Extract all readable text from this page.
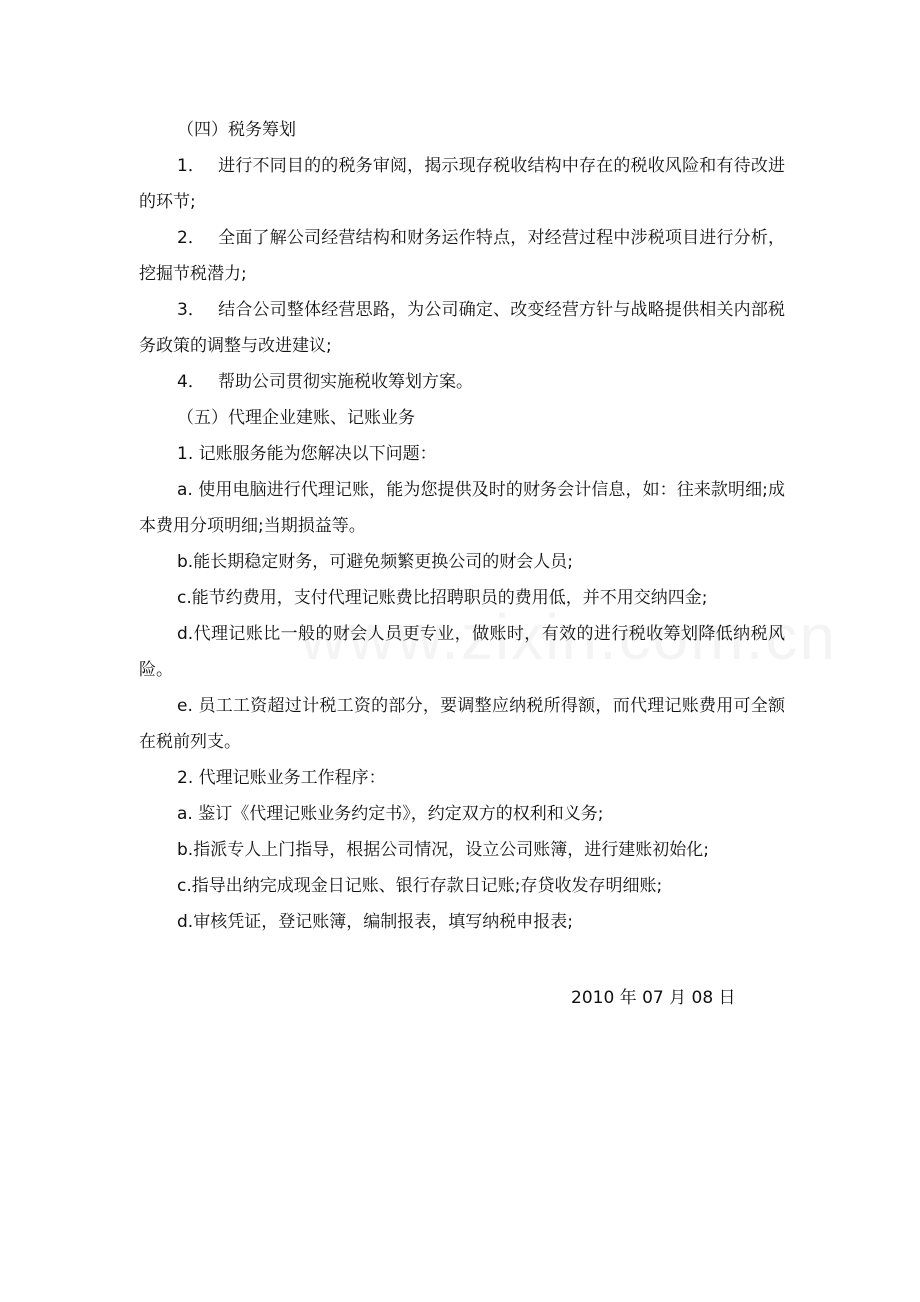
（四）税务筹划

1． 进行不同目的的税务审阅，揭示现存税收结构中存在的税收风险和有待改进的环节;

2． 全面了解公司经营结构和财务运作特点，对经营过程中涉税项目进行分析，挖掘节税潜力;

3． 结合公司整体经营思路，为公司确定、改变经营方针与战略提供相关内部税务政策的调整与改进建议;

4． 帮助公司贯彻实施税收筹划方案。

（五）代理企业建账、记账业务

1. 记账服务能为您解决以下问题：

a. 使用电脑进行代理记账，能为您提供及时的财务会计信息，如：往来款明细;成本费用分项明细;当期损益等。

b.能长期稳定财务，可避免频繁更换公司的财会人员;

c.能节约费用，支付代理记账费比招聘职员的费用低，并不用交纳四金;

d.代理记账比一般的财会人员更专业，做账时，有效的进行税收筹划降低纳税风险。

e. 员工工资超过计税工资的部分，要调整应纳税所得额，而代理记账费用可全额在税前列支。

2. 代理记账业务工作程序：

a. 鉴订《代理记账业务约定书》，约定双方的权利和义务;

b.指派专人上门指导，根据公司情况，设立公司账簿，进行建账初始化;

c.指导出纳完成现金日记账、银行存款日记账;存贷收发存明细账;

d.审核凭证，登记账簿，编制报表，填写纳税申报表;

2010 年 07 月 08 日
